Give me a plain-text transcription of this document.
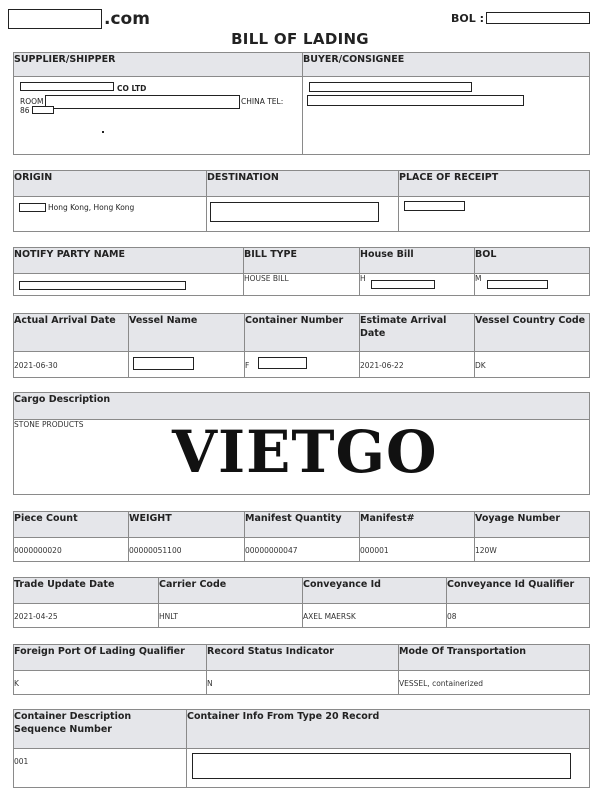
.com	BOL :
BILL OF LADING
SUPPLIER/SHIPPER	BUYER/CONSIGNEE

CO LTD
ROOM	CHINA TEL:
86
ORIGIN	DESTINATION	PLACE OF RECEIPT

Hong Kong, Hong Kong
NOTIFY PARTY NAME	BILL TYPE	House Bill	BOL
	HOUSE BILL	H	M
Actual Arrival Date	Vessel Name	Container Number	Estimate Arrival Date	Vessel Country Code
2021-06-30		F	2021-06-22	DK
Cargo Description
STONE PRODUCTS VIETGO
Piece Count	WEIGHT	Manifest Quantity	Manifest#	Voyage Number
0000000020	00000051100	00000000047	000001	120W
Trade Update Date	Carrier Code	Conveyance Id	Conveyance Id Qualifier
2021-04-25	HNLT	AXEL MAERSK	08
Foreign Port Of Lading Qualifier	Record Status Indicator	Mode Of Transportation
K	N	VESSEL, containerized
Container Description Sequence Number	Container Info From Type 20 Record
001	
